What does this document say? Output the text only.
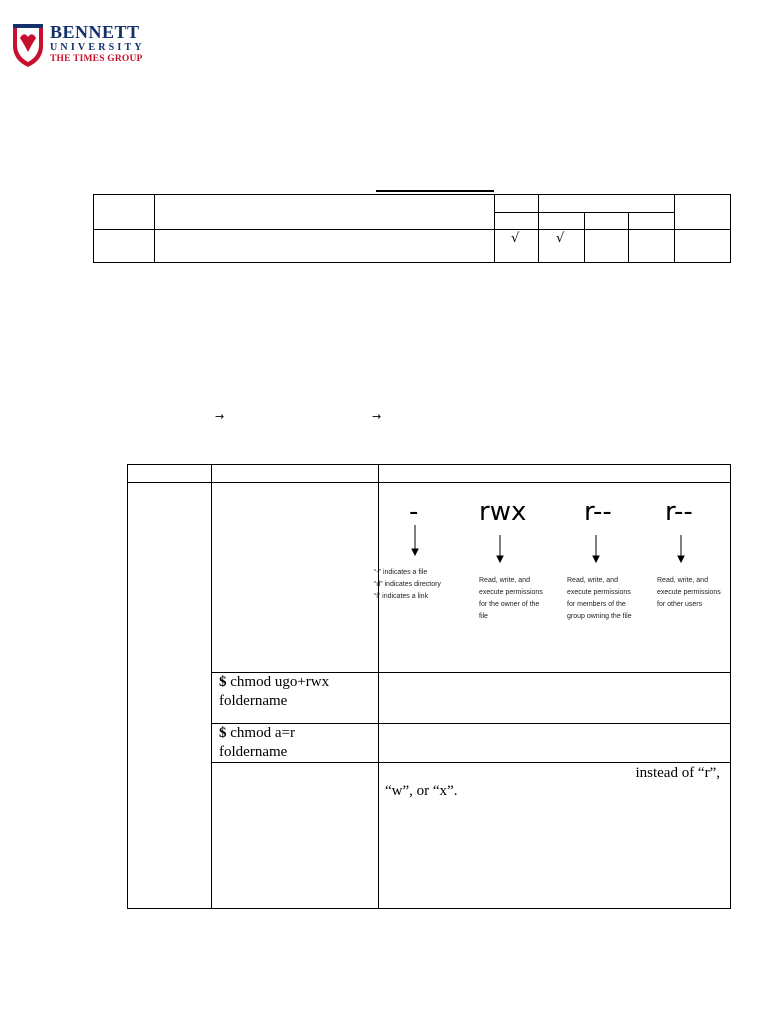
BENNETT
UNIVERSITY
THE TIMES GROUP
√	√
→	→
- rwx r-- r--
“-” indicates a file
“d” indicates directory
“l” indicates a link
Read, write, and
execute permissions
for the owner of the
file
Read, write, and
execute permissions
for members of the
group owning the file
Read, write, and
execute permissions
for other users
$ chmod ugo+rwx
foldername
$ chmod a=r
foldername
instead of “r”,
“w”, or “x”.
